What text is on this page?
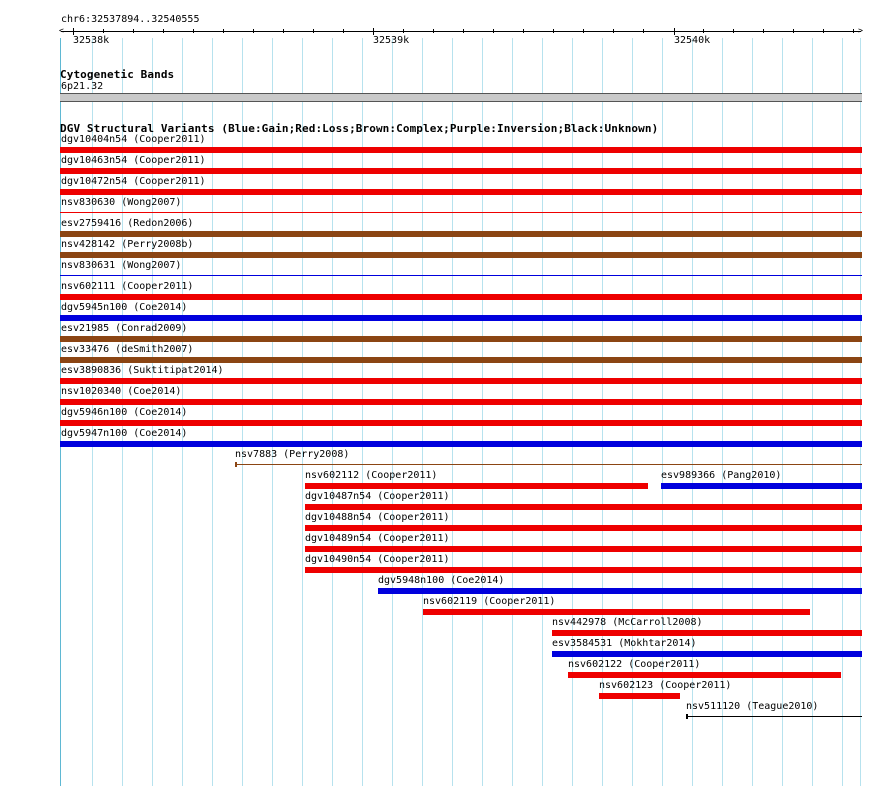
chr6:32537894..32540555
<	>
32538k	32539k	32540k
Cytogenetic Bands
6p21.32
DGV Structural Variants (Blue:Gain;Red:Loss;Brown:Complex;Purple:Inversion;Black:Unknown)
dgv10404n54 (Cooper2011)
dgv10463n54 (Cooper2011)
dgv10472n54 (Cooper2011)
nsv830630 (Wong2007)
esv2759416 (Redon2006)
nsv428142 (Perry2008b)
nsv830631 (Wong2007)
nsv602111 (Cooper2011)
dgv5945n100 (Coe2014)
esv21985 (Conrad2009)
esv33476 (deSmith2007)
esv3890836 (Suktitipat2014)
nsv1020340 (Coe2014)
dgv5946n100 (Coe2014)
dgv5947n100 (Coe2014)
nsv7883 (Perry2008)
nsv602112 (Cooper2011)	esv989366 (Pang2010)
dgv10487n54 (Cooper2011)
dgv10488n54 (Cooper2011)
dgv10489n54 (Cooper2011)
dgv10490n54 (Cooper2011)
dgv5948n100 (Coe2014)
nsv602119 (Cooper2011)
nsv442978 (McCarroll2008)
esv3584531 (Mokhtar2014)
nsv602122 (Cooper2011)
nsv602123 (Cooper2011)
nsv511120 (Teague2010)
